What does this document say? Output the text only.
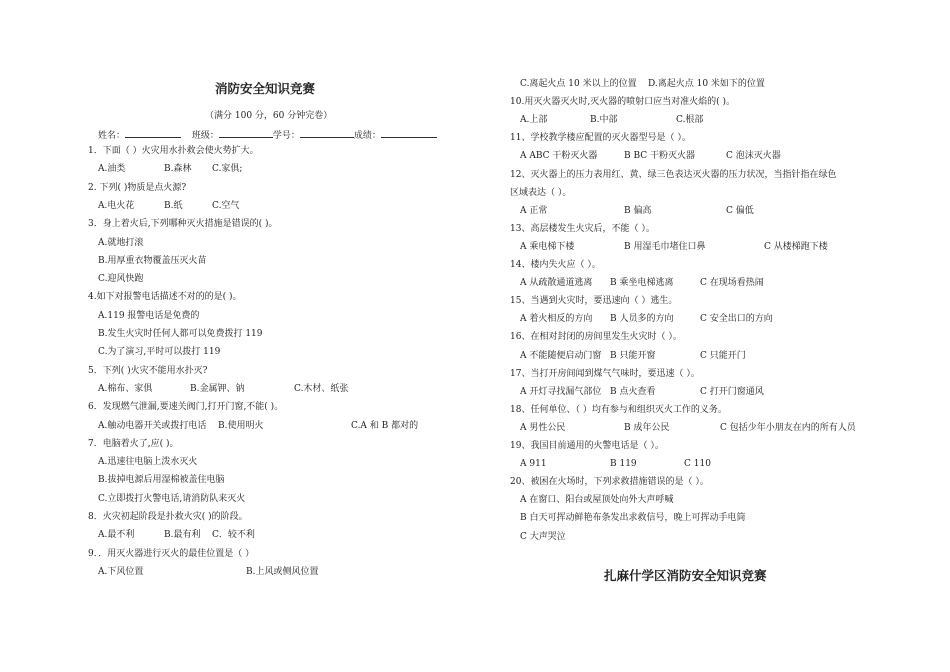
消防安全知识竞赛
（满分 100 分，60 分钟完卷）
姓名：	班级：	学号：	成绩：
1．下面（ ）火灾用水扑救会使火势扩大。
A.油类	B.森林 C.家俱;
2. 下列( )物质是点火源?
A.电火花	B.纸	C.空气
3．身上着火后,下列哪种灭火措施是错误的( )。
A.就地打滚
B.用厚重衣物覆盖压灭火苗
C.迎风快跑
4.如下对报警电话描述不对的的是( )。
A.119 报警电话是免费的
B.发生火灾时任何人都可以免费拨打 119
C.为了演习,平时可以拨打 119
5．下列( )火灾不能用水扑灭?
A.棉布、家俱	B.金属钾、钠	C.木材、纸张
6．发现燃气泄漏,要速关阀门,打开门窗,不能( )。
A.触动电器开关或拨打电话 B.使用明火	C.A 和 B 都对的
7．电脑着火了,应( )。
A.迅速往电脑上泼水灭火
B.拔掉电源后用湿棉被盖住电脑
C.立即拨打火警电话,请消防队来灭火
8．火灾初起阶段是扑救火灾( )的阶段。
A.最不利	B.最有利 C．较不利
9．．用灭火器进行灭火的最佳位置是（ ）
A.下风位置	B.上风或侧风位置
C.离起火点 10 米以上的位置 D.离起火点 10 米如下的位置
10.用灭火器灭火时,灭火器的喷射口应当对准火焰的( )。
A.上部	B.中部	C.根部
11、学校教学楼应配置的灭火器型号是（ ）。
A ABC 干粉灭火器	B BC 干粉灭火器	C 泡沫灭火器
12、灭火器上的压力表用红、黄、绿三色表达灭火器的压力状况，当指针指在绿色
区域表达（ ）。
A 正常	B 偏高	C 偏低
13、高层楼发生火灾后，不能（ ）。
A 乘电梯下楼	B 用湿毛巾堵住口鼻	C 从楼梯跑下楼
14、楼内失火应（ ）。
A 从疏散通道逃离 B 乘坐电梯逃离	C 在现场看热闹
15、当遇到火灾时，要迅速向（ ）逃生。
A 着火相反的方向 B 人员多的方向	C 安全出口的方向
16、在相对封闭的房间里发生火灾时（ ）。
A 不能随便启动门窗 B 只能开窗	C 只能开门
17、当打开房间闻到煤气气味时，要迅速（ ）。
A 开灯寻找漏气部位 B 点火查看	C 打开门窗通风
18、任何单位、（ ）均有参与和组织灭火工作的义务。
A 男性公民	B 成年公民	C 包括少年小朋友在内的所有人员
19、我国目前通用的火警电话是（ ）。
A 911	B 119	C 110
20、被困在火场时，下列求救措施错误的是（ ）。
A 在窗口、阳台或屋顶处向外大声呼喊
B 白天可挥动鲜艳布条发出求救信号，晚上可挥动手电筒
C 大声哭泣
扎麻什学区消防安全知识竞赛
